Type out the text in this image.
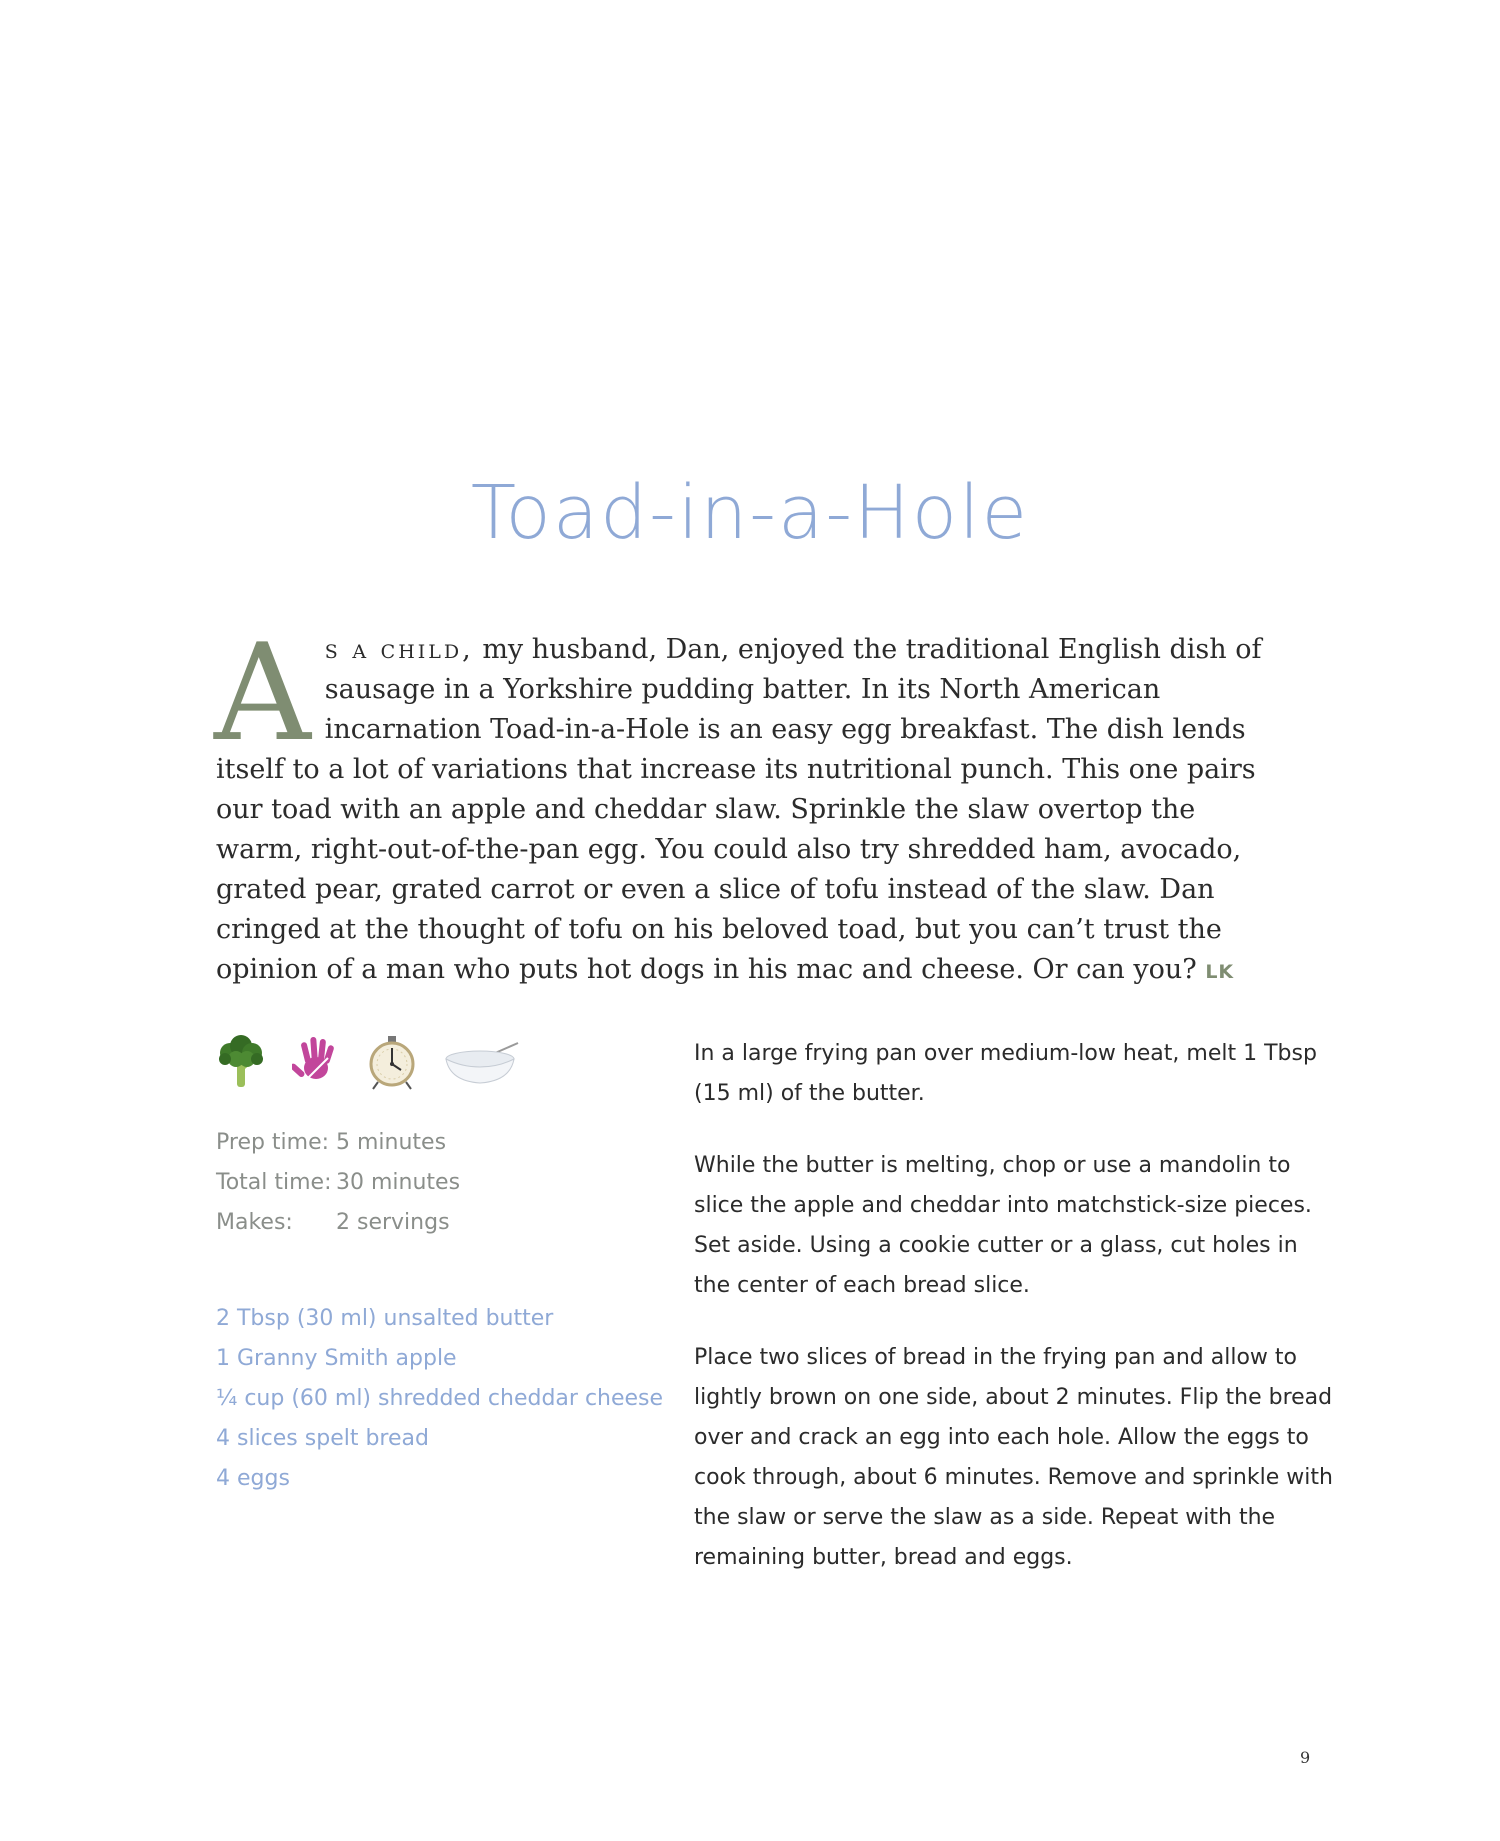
Toad-in-a-Hole
As a child, my husband, Dan, enjoyed the traditional English dish of sausage in a Yorkshire pudding batter. In its North American incarnation Toad-in-a-Hole is an easy egg breakfast. The dish lends itself to a lot of variations that increase its nutritional punch. This one pairs our toad with an apple and cheddar slaw. Sprinkle the slaw overtop the warm, right-out-of-the-pan egg. You could also try shredded ham, avocado, grated pear, grated carrot or even a slice of tofu instead of the slaw. Dan cringed at the thought of tofu on his beloved toad, but you can’t trust the opinion of a man who puts hot dogs in his mac and cheese. Or can you? LK
Prep time: 5 minutes
Total time: 30 minutes
Makes:	2 servings
2 Tbsp (30 ml) unsalted butter
1 Granny Smith apple
¼ cup (60 ml) shredded cheddar cheese
4 slices spelt bread
4 eggs

In a large frying pan over medium-low heat, melt 1 Tbsp (15 ml) of the butter.

While the butter is melting, chop or use a mandolin to slice the apple and cheddar into matchstick-size pieces. Set aside. Using a cookie cutter or a glass, cut holes in the center of each bread slice.

Place two slices of bread in the frying pan and allow to lightly brown on one side, about 2 minutes. Flip the bread over and crack an egg into each hole. Allow the eggs to cook through, about 6 minutes. Remove and sprinkle with the slaw or serve the slaw as a side. Repeat with the remaining butter, bread and eggs.

9
